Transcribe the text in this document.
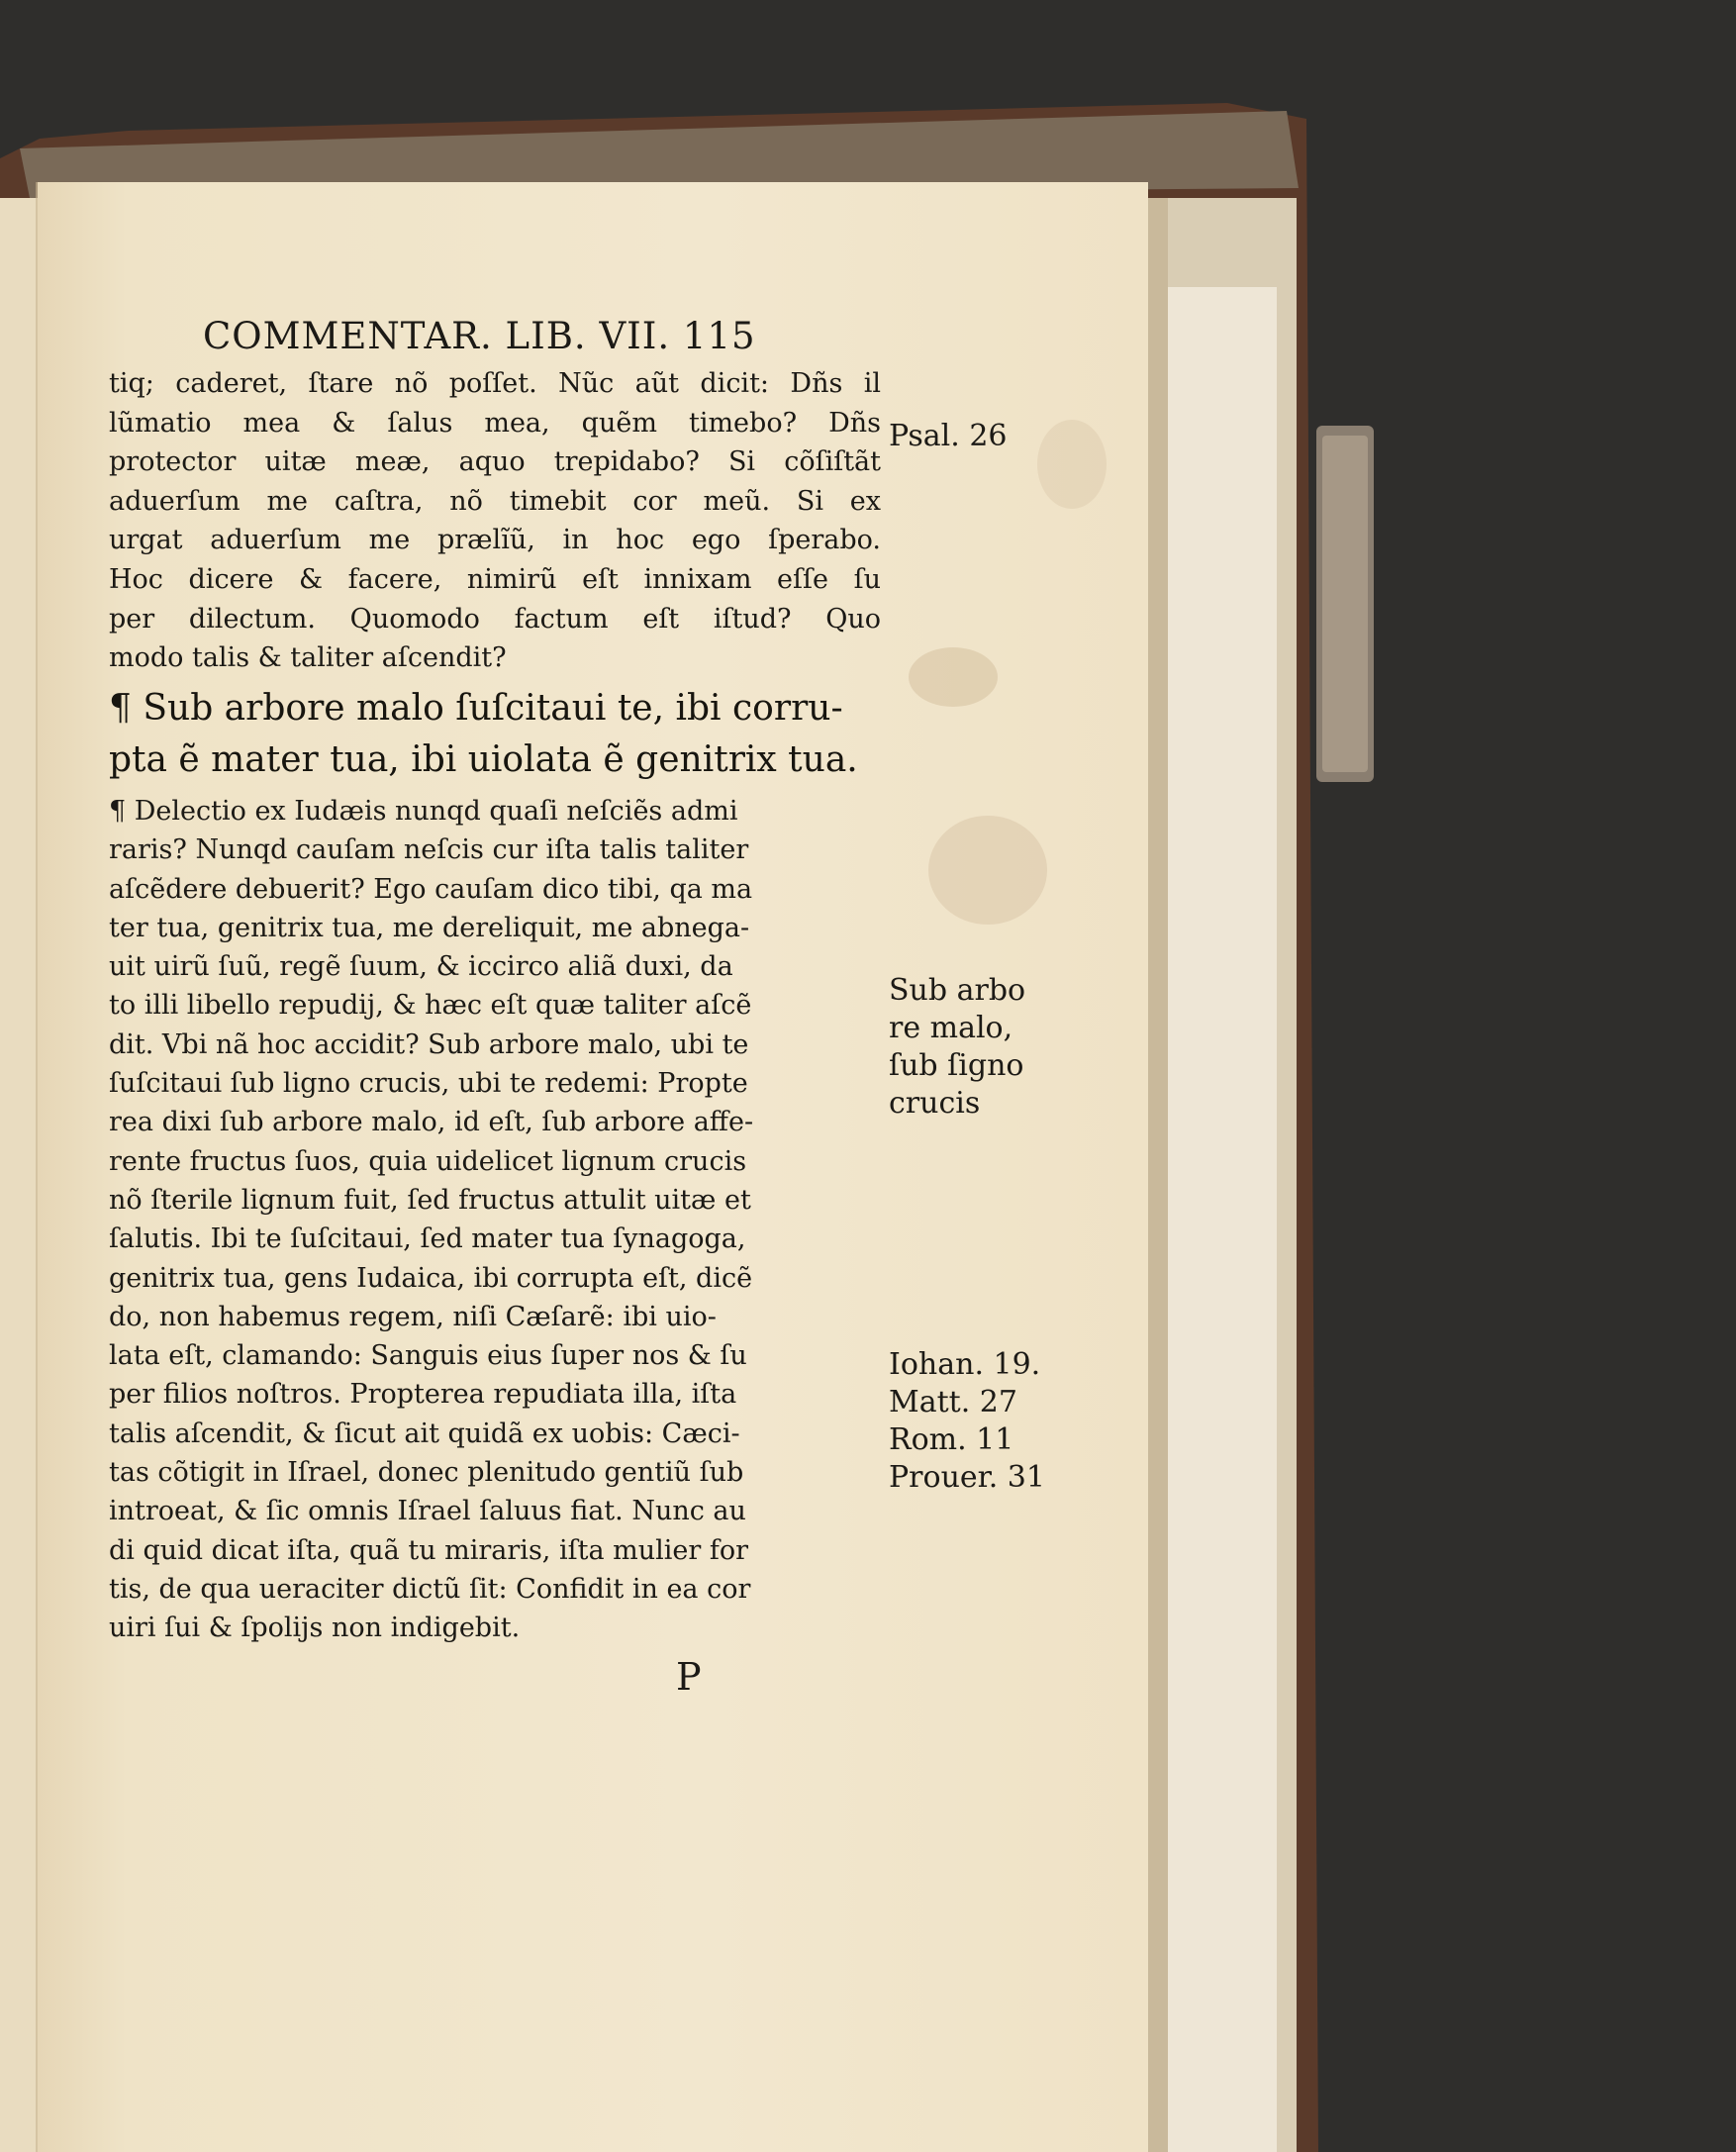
COMMENTAR. LIB. VII. 115
tiq; caderet, ſtare nõ poſſet. Nũc aũt dicit: Dñs il
lũmatio mea & ſalus mea, quẽm timebo? Dñs
protector uitæ meæ, aquo trepidabo? Si cõſiſtãt
aduerſum me caſtra, nõ timebit cor meũ. Si ex
urgat aduerſum me prælĩũ, in hoc ego ſperabo.
Hoc dicere & facere, nimirũ eſt innixam eſſe ſu
per dilectum. Quomodo factum eſt iſtud? Quo
modo talis & taliter aſcendit?
¶ Sub arbore malo ſuſcitaui te, ibi corru-
pta ẽ mater tua, ibi uiolata ẽ genitrix tua.
¶ Delectio ex Iudæis nunqd quaſi neſciẽs admi
raris? Nunqd cauſam neſcis cur iſta talis taliter
aſcẽdere debuerit? Ego cauſam dico tibi, qa ma
ter tua, genitrix tua, me dereliquit, me abnega-
uit uirũ ſuũ, regẽ ſuum, & iccirco aliã duxi, da
to illi libello repudij, & hæc eſt quæ taliter aſcẽ
dit. Vbi nã hoc accidit? Sub arbore malo, ubi te
ſuſcitaui ſub ligno crucis, ubi te redemi: Propte
rea dixi ſub arbore malo, id eſt, ſub arbore affe-
rente fructus ſuos, quia uidelicet lignum crucis
nõ ſterile lignum fuit, ſed fructus attulit uitæ et
ſalutis. Ibi te ſuſcitaui, ſed mater tua ſynagoga,
genitrix tua, gens Iudaica, ibi corrupta eſt, dicẽ
do, non habemus regem, niſi Cæſarẽ: ibi uio-
lata eſt, clamando: Sanguis eius ſuper nos & ſu
per filios noſtros. Propterea repudiata illa, iſta
talis aſcendit, & ſicut ait quidã ex uobis: Cæci-
tas cõtigit in Iſrael, donec plenitudo gentiũ ſub
introeat, & ſic omnis Iſrael ſaluus fiat. Nunc au
di quid dicat iſta, quã tu miraris, iſta mulier for
tis, de qua ueraciter dictũ ſit: Confidit in ea cor
uiri ſui & ſpolijs non indigebit.
Psal. 26
Sub arbo
re malo,
ſub ſigno
crucis
Iohan. 19.
Matt. 27
Rom. 11
Prouer. 31
P
